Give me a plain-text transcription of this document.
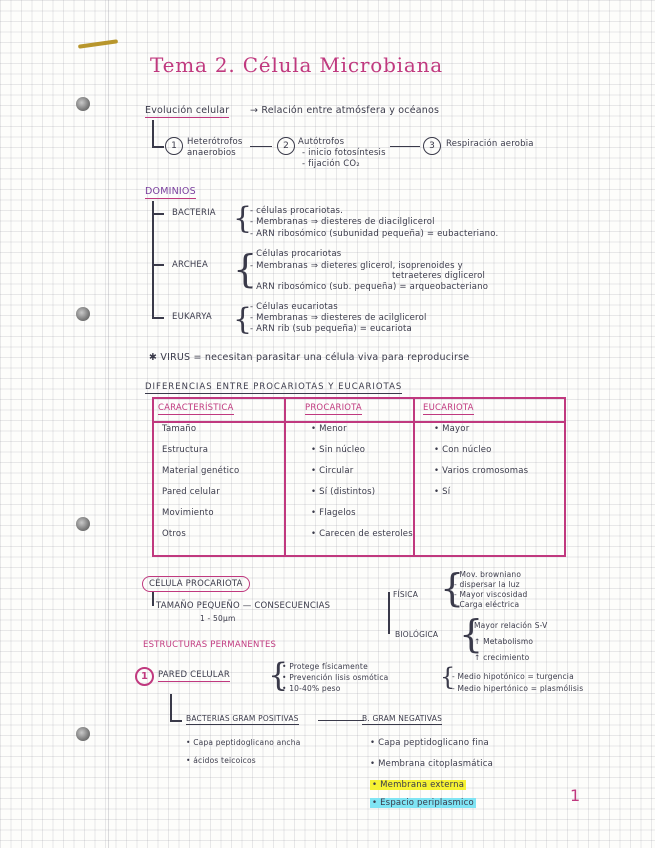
Tema 2. Célula Microbiana
Evolución celular → Relación entre atmósfera y océanos
1	Heterótrofos
anaerobios
2	Autótrofos
- inicio fotosíntesis
- fijación CO₂
3	Respiración aerobia
DOMINIOS
BACTERIA {
- células procariotas.
- Membranas ⇒ diesteres de diacilglicerol
- ARN ribosómico (subunidad pequeña) = eubacteriano.
ARCHEA {
- Células procariotas
- Membranas ⇒ dieteres glicerol, isoprenoides y
tetraeteres diglicerol
- ARN ribosómico (sub. pequeña) = arqueobacteriano
EUKARYA {
- Células eucariotas
- Membranas ⇒ diesteres de acilglicerol
- ARN rib (sub pequeña) = eucariota
✱ VIRUS = necesitan parasitar una célula viva para reproducirse
DIFERENCIAS ENTRE PROCARIOTAS Y EUCARIOTAS
CARACTERÍSTICA	PROCARIOTA	EUCARIOTA
Tamaño	• Menor	• Mayor
Estructura	• Sin núcleo	• Con núcleo
Material genético	• Circular	• Varios cromosomas
Pared celular	• Sí (distintos)	• Sí
Movimiento	• Flagelos
Otros	• Carecen de esteroles
CÉLULA PROCARIOTA
TAMAÑO PEQUEÑO — CONSECUENCIAS
1 - 50µm
FÍSICA {
- Mov. browniano
- dispersar la luz
- Mayor viscosidad
- Carga eléctrica
BIOLÓGICA {
Mayor relación S-V
↑ Metabolismo
↑ crecimiento
ESTRUCTURAS PERMANENTES
1	PARED CELULAR {
• Protege físicamente
• Prevención lisis osmótica
• 10-40% peso	{
- Medio hipotónico = turgencia
- Medio hipertónico = plasmólisis
BACTERIAS GRAM POSITIVAS	B. GRAM NEGATIVAS
• Capa peptidoglicano ancha
• ácidos teicoicos
• Capa peptidoglicano fina
• Membrana citoplasmática
• Membrana externa
• Espacio periplasmico	1
